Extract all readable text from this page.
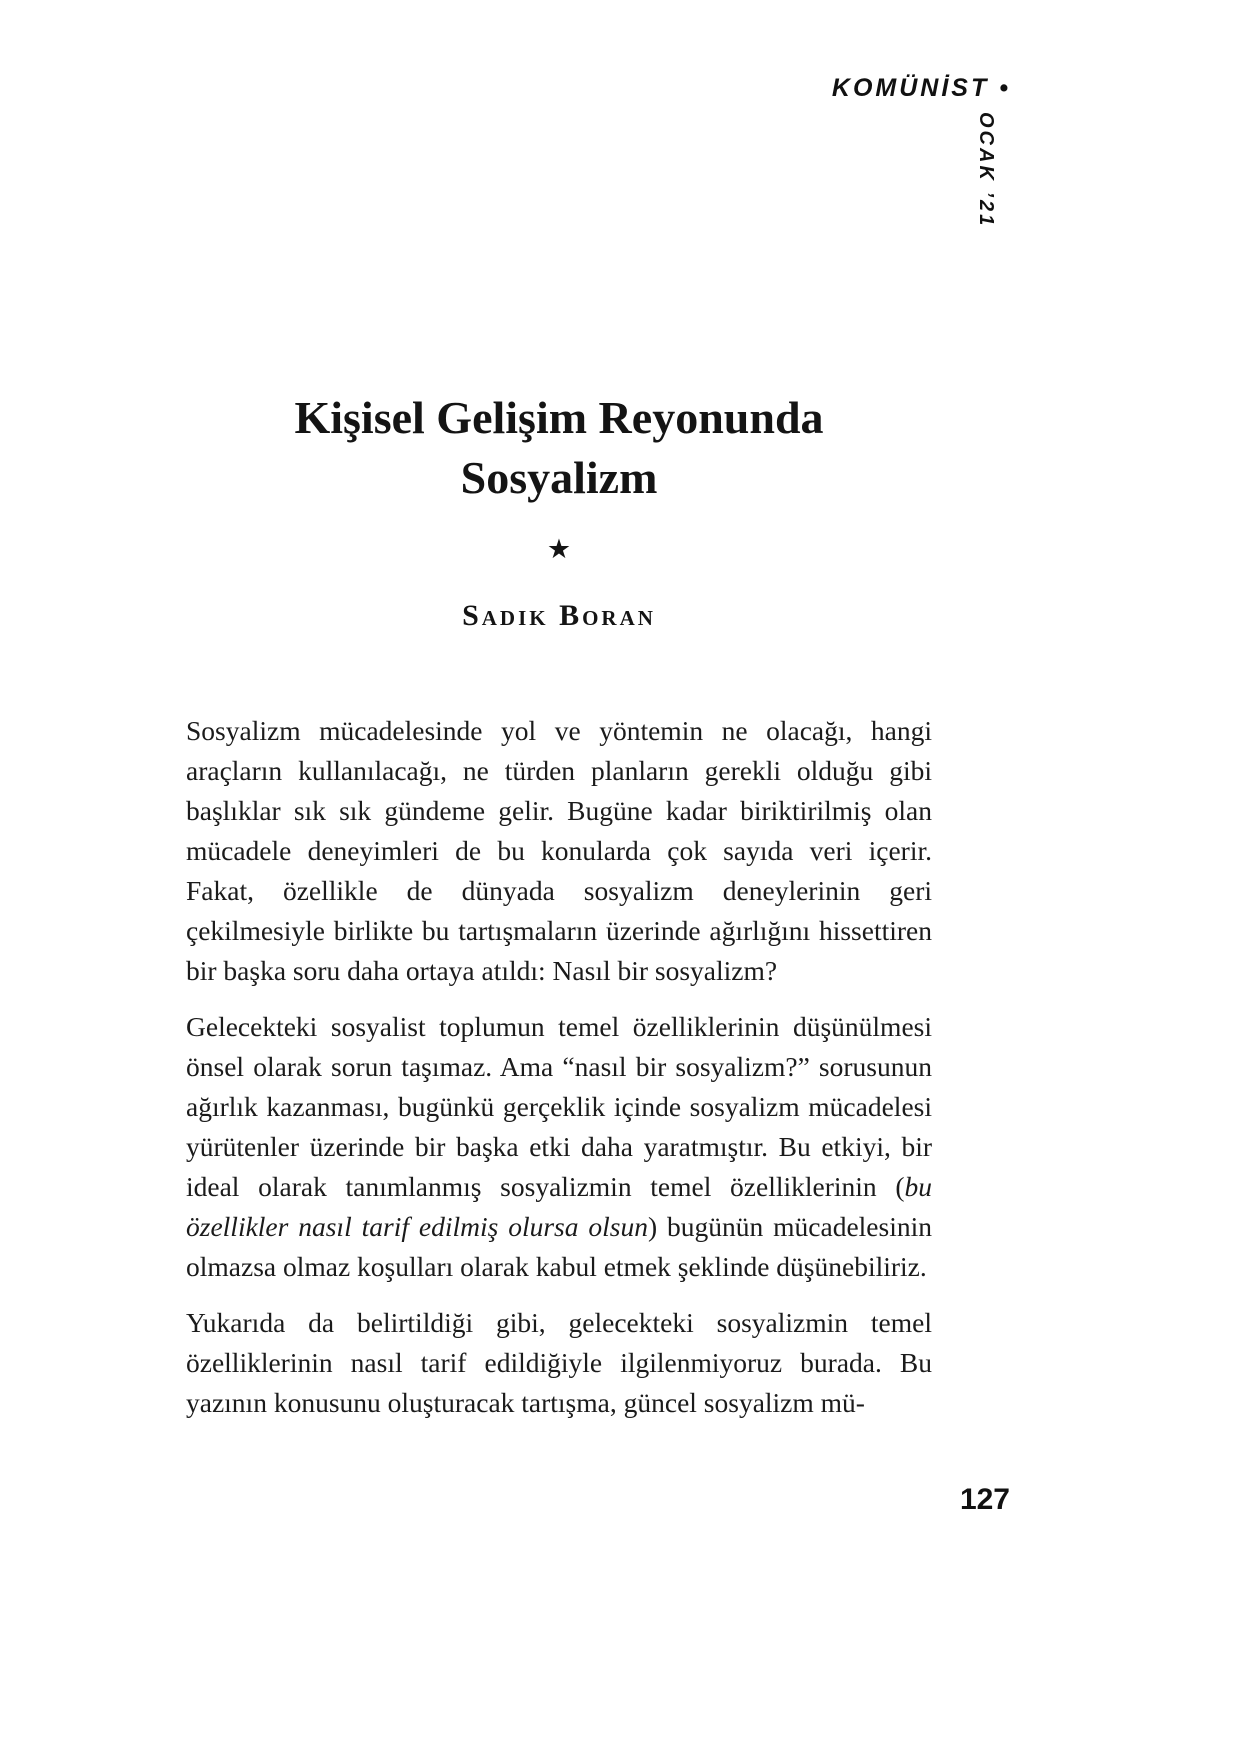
KOMÜNİST •
OCAK ’21
Kişisel Gelişim Reyonunda
Sosyalizm
★
Sadık Boran

Sosyalizm mücadelesinde yol ve yöntemin ne olacağı, hangi araçların kullanılacağı, ne türden planların gerekli olduğu gibi başlıklar sık sık gündeme gelir. Bugüne kadar biriktirilmiş olan mücadele deneyimleri de bu konularda çok sayıda veri içerir. Fakat, özellikle de dünyada sosyalizm deneylerinin geri çekilmesiyle birlikte bu tartışmaların üzerinde ağırlığını hissettiren bir başka soru daha ortaya atıldı: Nasıl bir sosyalizm?

Gelecekteki sosyalist toplumun temel özelliklerinin düşünülmesi önsel olarak sorun taşımaz. Ama “nasıl bir sosyalizm?” sorusunun ağırlık kazanması, bugünkü gerçeklik içinde sosyalizm mücadelesi yürütenler üzerinde bir başka etki daha yaratmıştır. Bu etkiyi, bir ideal olarak tanımlanmış sosyalizmin temel özelliklerinin (bu özellikler nasıl tarif edilmiş olursa olsun) bugünün mücadelesinin olmazsa olmaz koşulları olarak kabul etmek şeklinde düşünebiliriz.

Yukarıda da belirtildiği gibi, gelecekteki sosyalizmin temel özelliklerinin nasıl tarif edildiğiyle ilgilenmiyoruz burada. Bu yazının konusunu oluşturacak tartışma, güncel sosyalizm mü-

127
